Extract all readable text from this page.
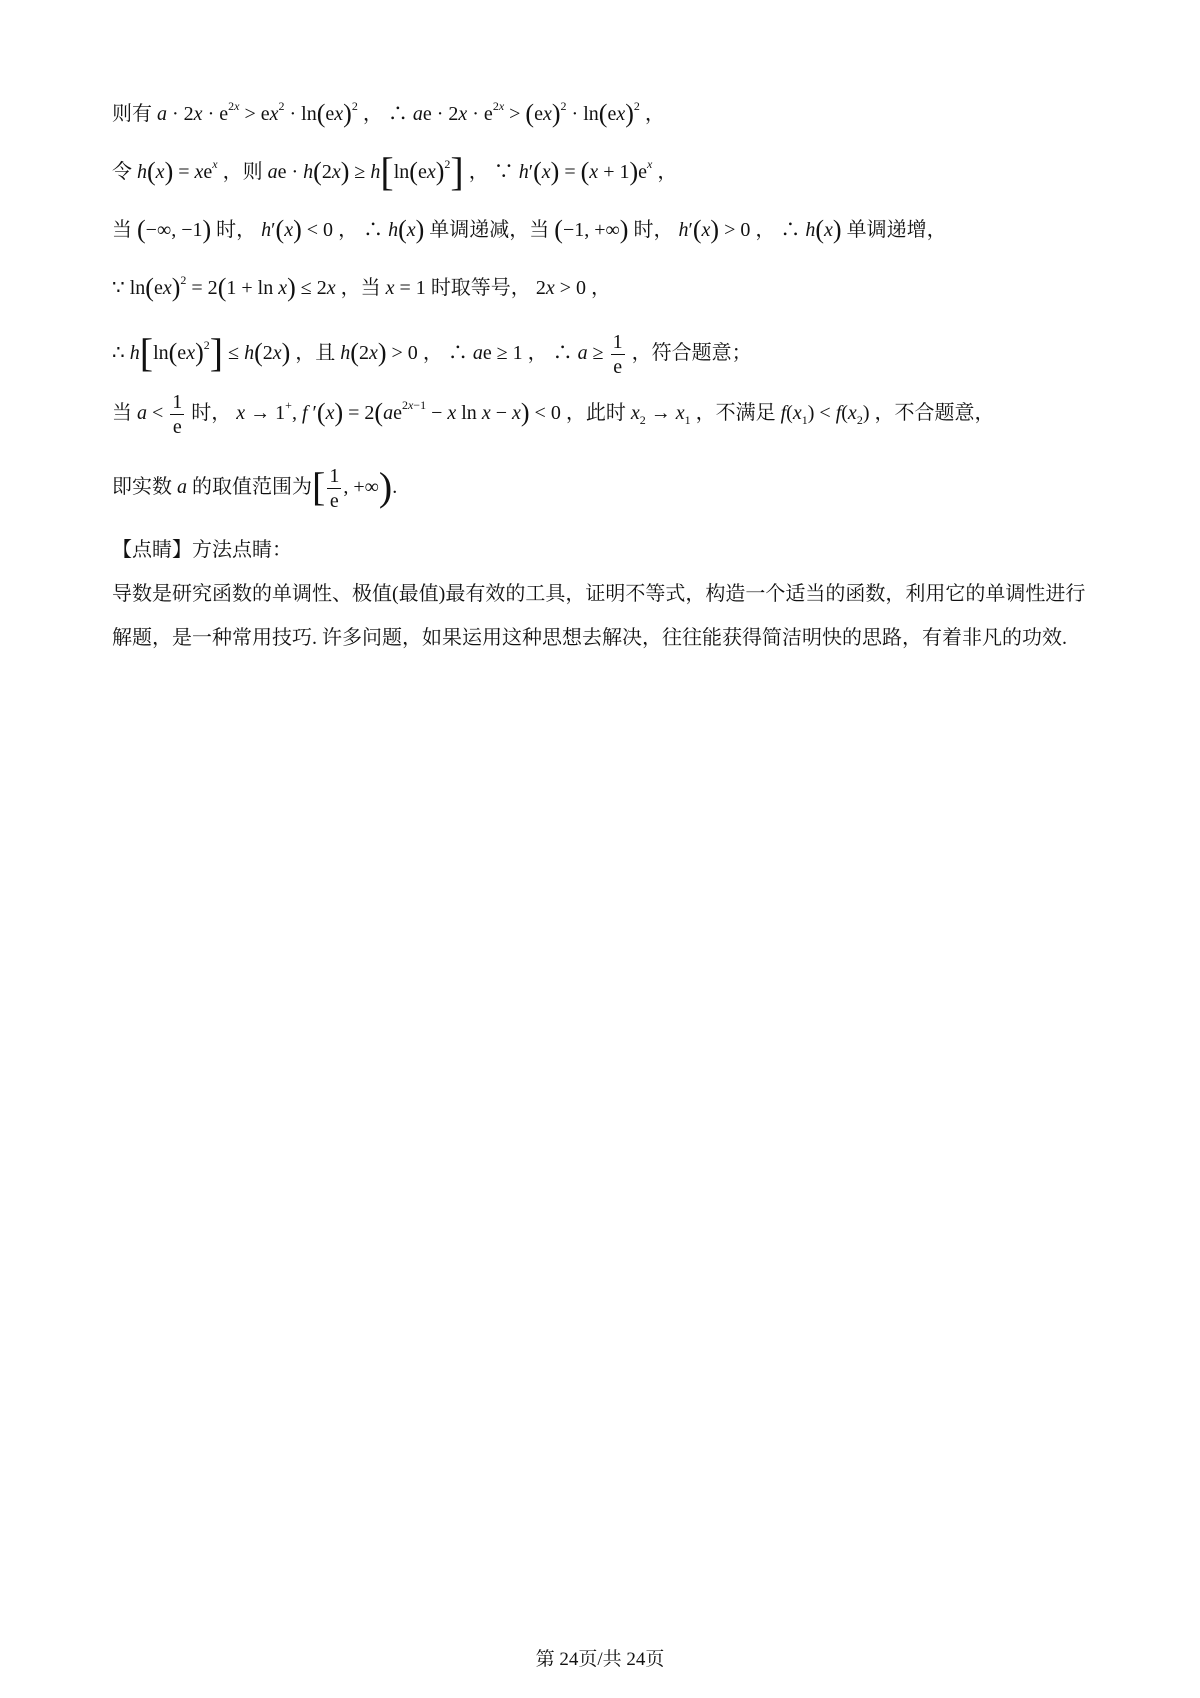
则有 $a \cdot 2x \cdot e^{2x} > ex^2 \cdot \ln(ex)^2$ ， ∴ ae · $2x \cdot e^{2x} > (ex)^2 \cdot \ln(ex)^2$ ，
令 $h(x) = xe^x$ ，则 ae · h(2x) ≥ h[ln(ex)$^2$] ， ∵ $h'(x) = (x + 1)e^x$ ，
当 (−∞, −1) 时， h′(x) < 0 ， ∴ h(x) 单调递减，当 (−1, +∞) 时， h′(x) > 0 ， ∴ h(x) 单调递增，
∵ ln(ex)$^2$ = 2(1 + ln x) ≤ 2x ，当 x = 1 时取等号， 2x > 0 ，
∴ h[ln(ex)$^2$] ≤ h(2x) ，且 h(2x) > 0 ， ∴ ae ≥ 1 ， ∴ $a \ge \frac{1}{e}$ ，符合题意；
当 $a < \frac{1}{e}$ 时， x → 1+, f $'(x) = 2(ae^{2x-1} - x$ ln x − x) < 0 ，此时 $x_2 \to x_1$ ，不满足 $f(x_1) < f(x_2)$ ，不合题意，
即实数 a 的取值范围为[ $\frac{1}{e}$ , +∞).
【点睛】方法点睛：
导数是研究函数的单调性、极值(最值)最有效的工具，证明不等式，构造一个适当的函数，利用它的单调性进行解题，是一种常用技巧. 许多问题，如果运用这种思想去解决，往往能获得简洁明快的思路，有着非凡的功效.
第 24页/共 24页
